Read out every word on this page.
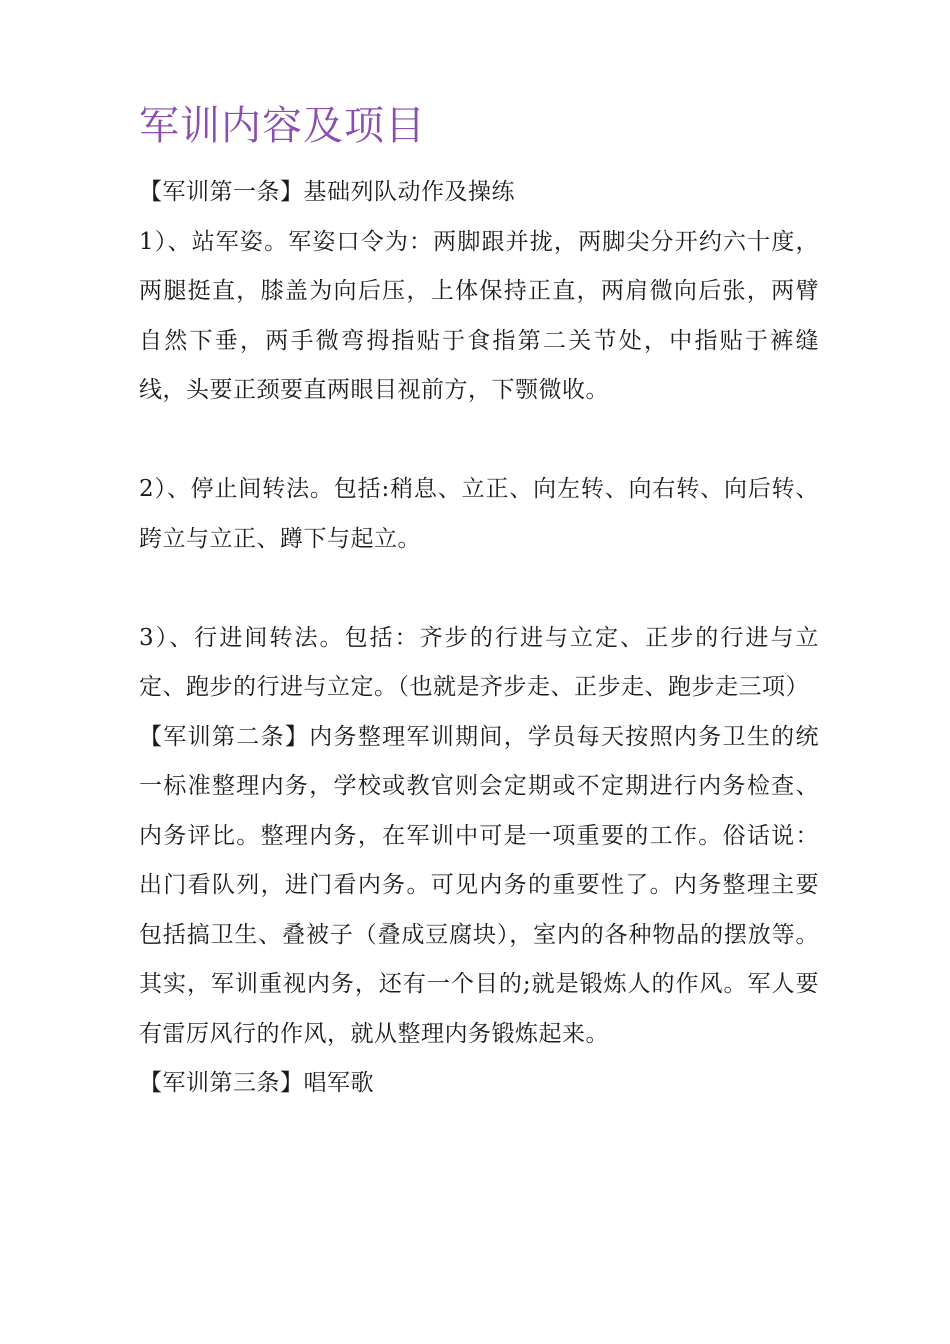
军训内容及项目

【军训第一条】基础列队动作及操练

1）、站军姿。军姿口令为：两脚跟并拢，两脚尖分开约六十度，两腿挺直，膝盖为向后压，上体保持正直，两肩微向后张，两臂自然下垂，两手微弯拇指贴于食指第二关节处，中指贴于裤缝线，头要正颈要直两眼目视前方，下颚微收。

2）、停止间转法。包括:稍息、立正、向左转、向右转、向后转、跨立与立正、蹲下与起立。

3）、行进间转法。包括：齐步的行进与立定、正步的行进与立定、跑步的行进与立定。（也就是齐步走、正步走、跑步走三项）

【军训第二条】内务整理军训期间，学员每天按照内务卫生的统一标准整理内务，学校或教官则会定期或不定期进行内务检查、内务评比。整理内务，在军训中可是一项重要的工作。俗话说：出门看队列，进门看内务。可见内务的重要性了。内务整理主要包括搞卫生、叠被子（叠成豆腐块），室内的各种物品的摆放等。其实，军训重视内务，还有一个目的;就是锻炼人的作风。军人要有雷厉风行的作风，就从整理内务锻炼起来。

【军训第三条】唱军歌
